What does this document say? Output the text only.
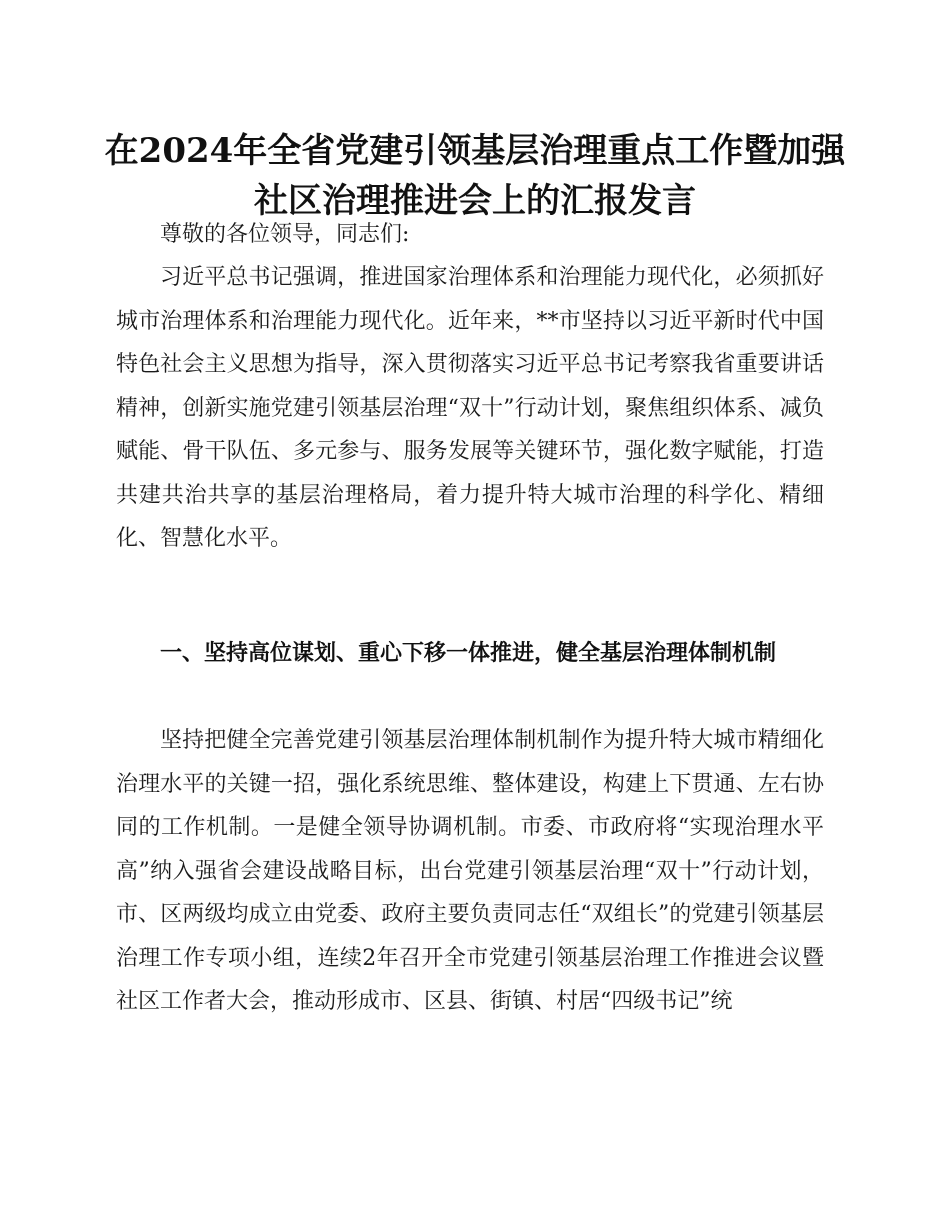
在2024年全省党建引领基层治理重点工作暨加强社区治理推进会上的汇报发言
尊敬的各位领导，同志们:
习近平总书记强调，推进国家治理体系和治理能力现代化，必须抓好城市治理体系和治理能力现代化。近年来，**市坚持以习近平新时代中国特色社会主义思想为指导，深入贯彻落实习近平总书记考察我省重要讲话精神，创新实施党建引领基层治理“双十”行动计划，聚焦组织体系、减负赋能、骨干队伍、多元参与、服务发展等关键环节，强化数字赋能，打造共建共治共享的基层治理格局，着力提升特大城市治理的科学化、精细化、智慧化水平。
一、坚持高位谋划、重心下移一体推进，健全基层治理体制机制
坚持把健全完善党建引领基层治理体制机制作为提升特大城市精细化治理水平的关键一招，强化系统思维、整体建设，构建上下贯通、左右协同的工作机制。一是健全领导协调机制。市委、市政府将“实现治理水平高”纳入强省会建设战略目标，出台党建引领基层治理“双十”行动计划，市、区两级均成立由党委、政府主要负责同志任“双组长”的党建引领基层治理工作专项小组，连续2年召开全市党建引领基层治理工作推进会议暨社区工作者大会，推动形成市、区县、街镇、村居“四级书记”统
